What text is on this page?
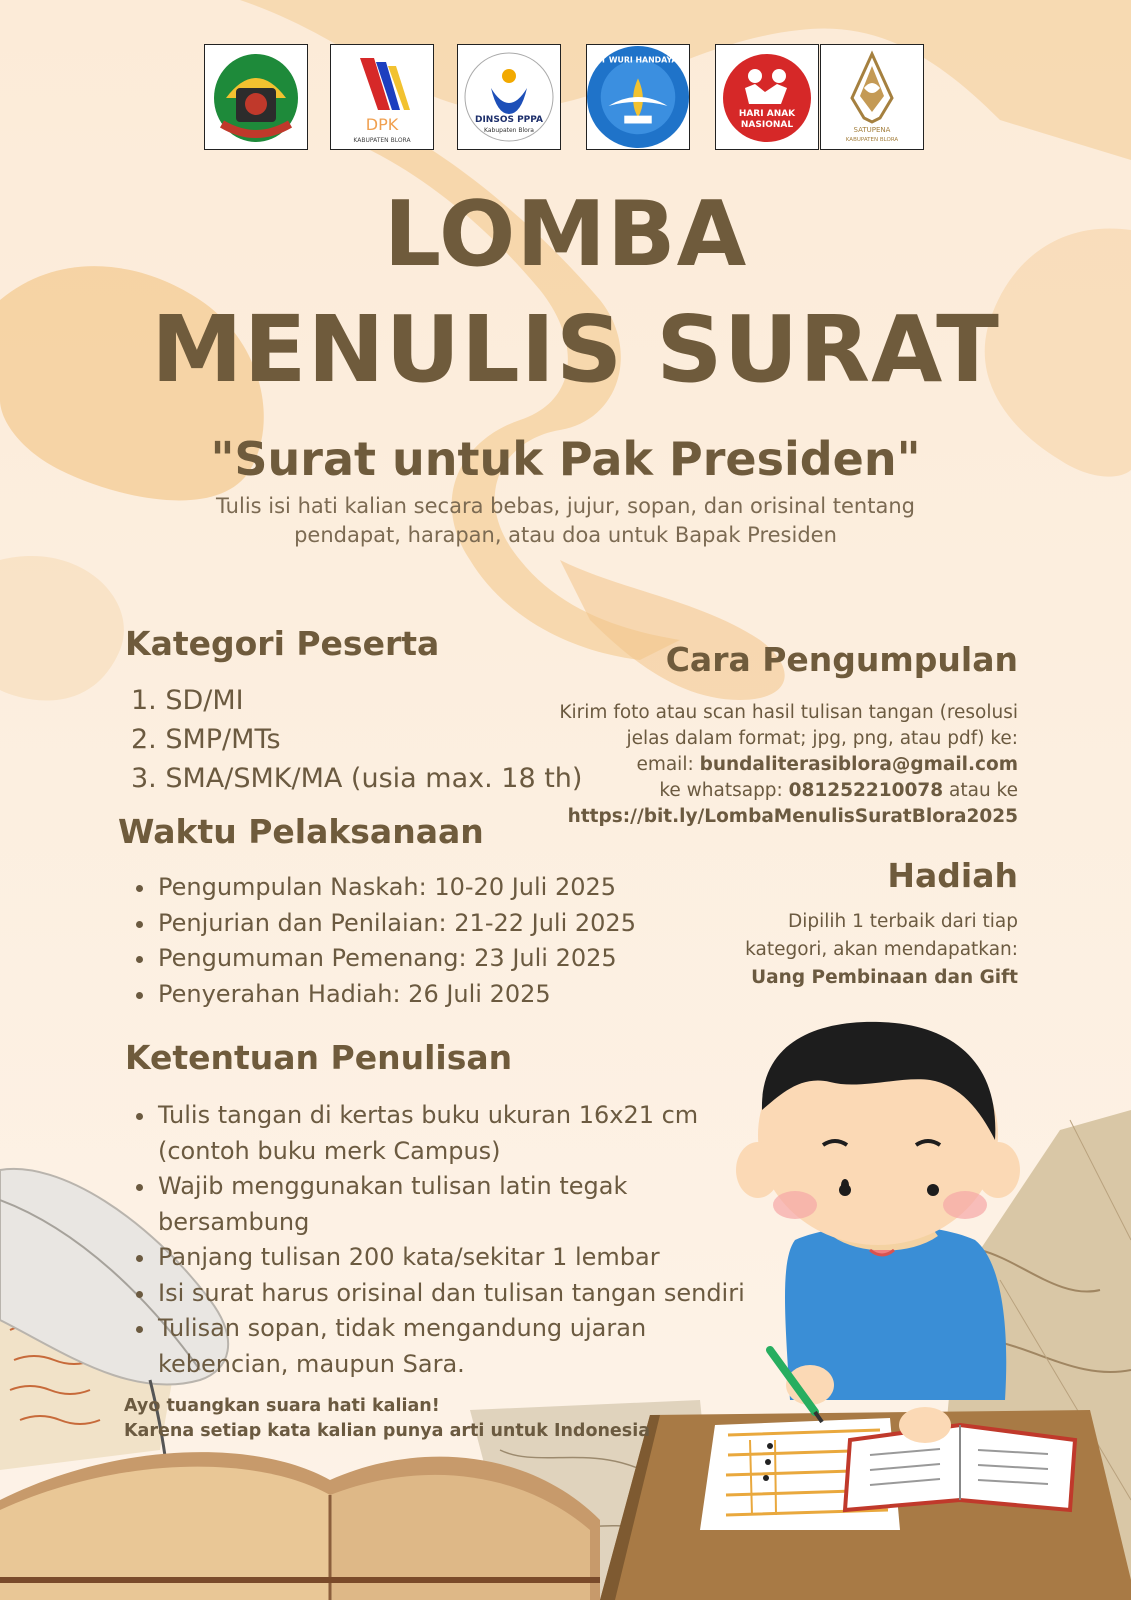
DPK
KABUPATEN BLORA
DINSOS PPPA
Kabupaten Blora
TUT WURI HANDAYANI
HARI ANAK
NASIONAL	SATUPENA
KABUPATEN BLORA
LOMBA
MENULIS SURAT
"Surat untuk Pak Presiden"
Tulis isi hati kalian secara bebas, jujur, sopan, dan orisinal tentang
pendapat, harapan, atau doa untuk Bapak Presiden
Kategori Peserta
1. SD/MI
2. SMP/MTs
3. SMA/SMK/MA (usia max. 18 th)
Waktu Pelaksanaan
Pengumpulan Naskah: 10-20 Juli 2025
Penjurian dan Penilaian: 21-22 Juli 2025
Pengumuman Pemenang: 23 Juli 2025
Penyerahan Hadiah: 26 Juli 2025
Ketentuan Penulisan
Tulis tangan di kertas buku ukuran 16x21 cm (contoh buku merk Campus)
Wajib menggunakan tulisan latin tegak bersambung
Panjang tulisan 200 kata/sekitar 1 lembar
Isi surat harus orisinal dan tulisan tangan sendiri
Tulisan sopan, tidak mengandung ujaran kebencian, maupun Sara.
Cara Pengumpulan
Kirim foto atau scan hasil tulisan tangan (resolusi
jelas dalam format; jpg, png, atau pdf) ke:
email: bundaliterasiblora@gmail.com
ke whatsapp: 081252210078 atau ke
https://bit.ly/LombaMenulisSuratBlora2025
Hadiah
Dipilih 1 terbaik dari tiap
kategori, akan mendapatkan:
Uang Pembinaan dan Gift
Ayo tuangkan suara hati kalian!
Karena setiap kata kalian punya arti untuk Indonesia
